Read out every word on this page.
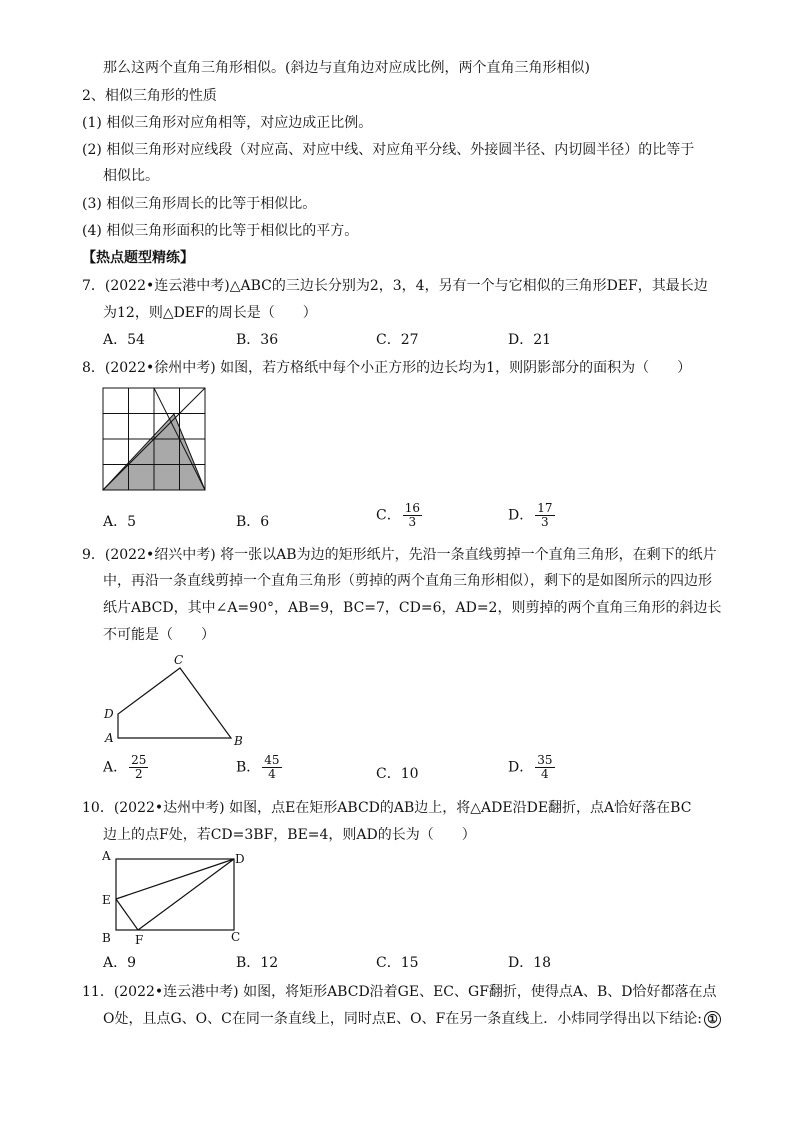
那么这两个直角三角形相似。(斜边与直角边对应成比例，两个直角三角形相似)
2、相似三角形的性质
(1) 相似三角形对应角相等，对应边成正比例。
(2) 相似三角形对应线段（对应高、对应中线、对应角平分线、外接圆半径、内切圆半径）的比等于
相似比。
(3) 相似三角形周长的比等于相似比。
(4) 相似三角形面积的比等于相似比的平方。
【热点题型精练】
7．(2022•连云港中考)△ABC的三边长分别为2，3，4，另有一个与它相似的三角形DEF，其最长边
为12，则△DEF的周长是（　　）
A．54	B．36	C．27	D．21
8．(2022•徐州中考) 如图，若方格纸中每个小正方形的边长均为1，则阴影部分的面积为（　　）
A．5	B．6	C． $\frac{16}{3}$	D． $\frac{17}{3}$
9．(2022•绍兴中考) 将一张以AB为边的矩形纸片，先沿一条直线剪掉一个直角三角形，在剩下的纸片
中，再沿一条直线剪掉一个直角三角形（剪掉的两个直角三角形相似），剩下的是如图所示的四边形
纸片ABCD，其中∠A=90°，AB=9，BC=7，CD=6，AD=2，则剪掉的两个直角三角形的斜边长
不可能是（　　）
A	B
C
D
A． $\frac{25}{2}$	B． $\frac{45}{4}$	C．10	D． $\frac{35}{4}$
10．(2022•达州中考) 如图，点E在矩形ABCD的AB边上，将△ADE沿DE翻折，点A恰好落在BC
边上的点F处，若CD=3BF，BE=4，则AD的长为（　　）
A
B	C
D
E
F
A．9	B．12	C．15	D．18
11．(2022•连云港中考) 如图，将矩形ABCD沿着GE、EC、GF翻折，使得点A、B、D恰好都落在点
O处，且点G、O、C在同一条直线上，同时点E、O、F在另一条直线上．小炜同学得出以下结论: ①
